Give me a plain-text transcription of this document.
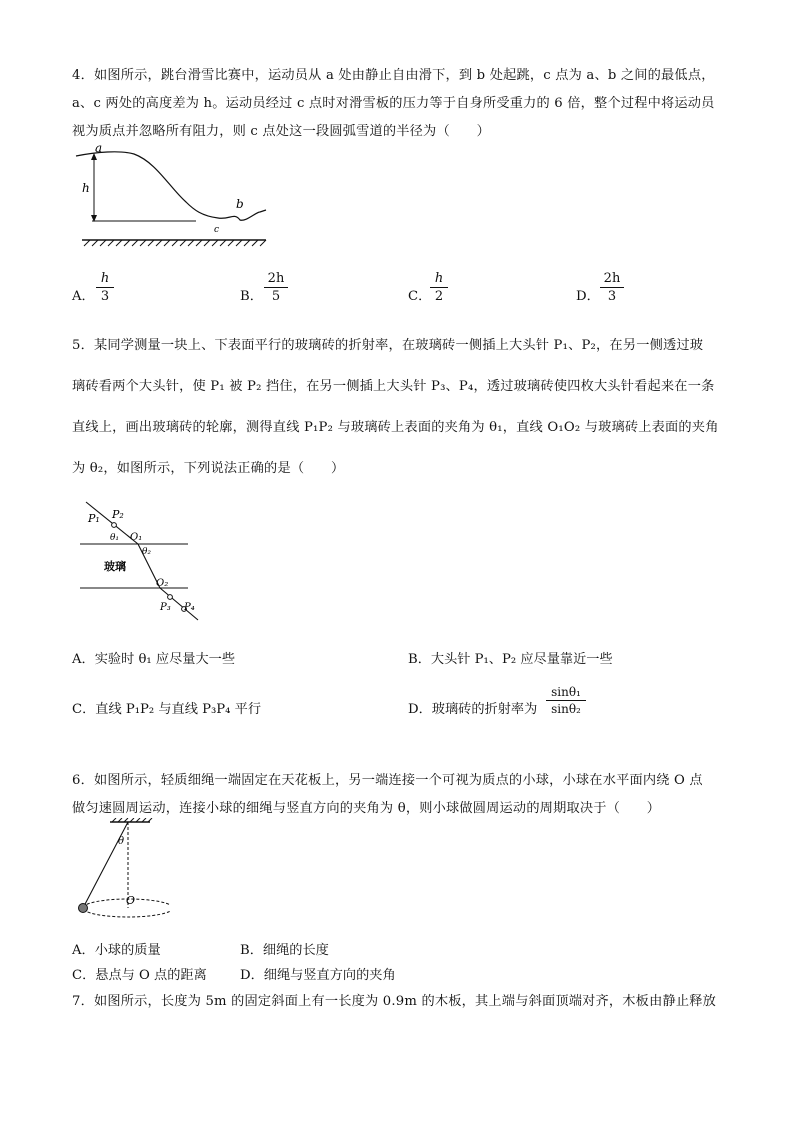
4．如图所示，跳台滑雪比赛中，运动员从 a 处由静止自由滑下，到 b 处起跳，c 点为 a、b 之间的最低点，
a、c 两处的高度差为 h。运动员经过 c 点时对滑雪板的压力等于自身所受重力的 6 倍，整个过程中将运动员
视为质点并忽略所有阻力，则 c 点处这一段圆弧雪道的半径为（　　）
a
h
b
c
A．
h
3	B．
2h
5	C．
h
2	D．
2h
3
5．某同学测量一块上、下表面平行的玻璃砖的折射率，在玻璃砖一侧插上大头针 P₁、P₂，在另一侧透过玻
璃砖看两个大头针，使 P₁ 被 P₂ 挡住，在另一侧插上大头针 P₃、P₄，透过玻璃砖使四枚大头针看起来在一条
直线上，画出玻璃砖的轮廓，测得直线 P₁P₂ 与玻璃砖上表面的夹角为 θ₁，直线 O₁O₂ 与玻璃砖上表面的夹角
为 θ₂，如图所示，下列说法正确的是（　　）
P₁ P₂
θ₁ O₁
θ₂
玻璃
O₂
P₃ P₄
A．实验时 θ₁ 应尽量大一些	B．大头针 P₁、P₂ 应尽量靠近一些
C．直线 P₁P₂ 与直线 P₃P₄ 平行	D．玻璃砖的折射率为
sinθ₁
sinθ₂
6．如图所示，轻质细绳一端固定在天花板上，另一端连接一个可视为质点的小球，小球在水平面内绕 O 点
做匀速圆周运动，连接小球的细绳与竖直方向的夹角为 θ，则小球做圆周运动的周期取决于（　　）
θ
O
A．小球的质量	B．细绳的长度
C．悬点与 O 点的距离	D．细绳与竖直方向的夹角
7．如图所示，长度为 5m 的固定斜面上有一长度为 0.9m 的木板，其上端与斜面顶端对齐，木板由静止释放
